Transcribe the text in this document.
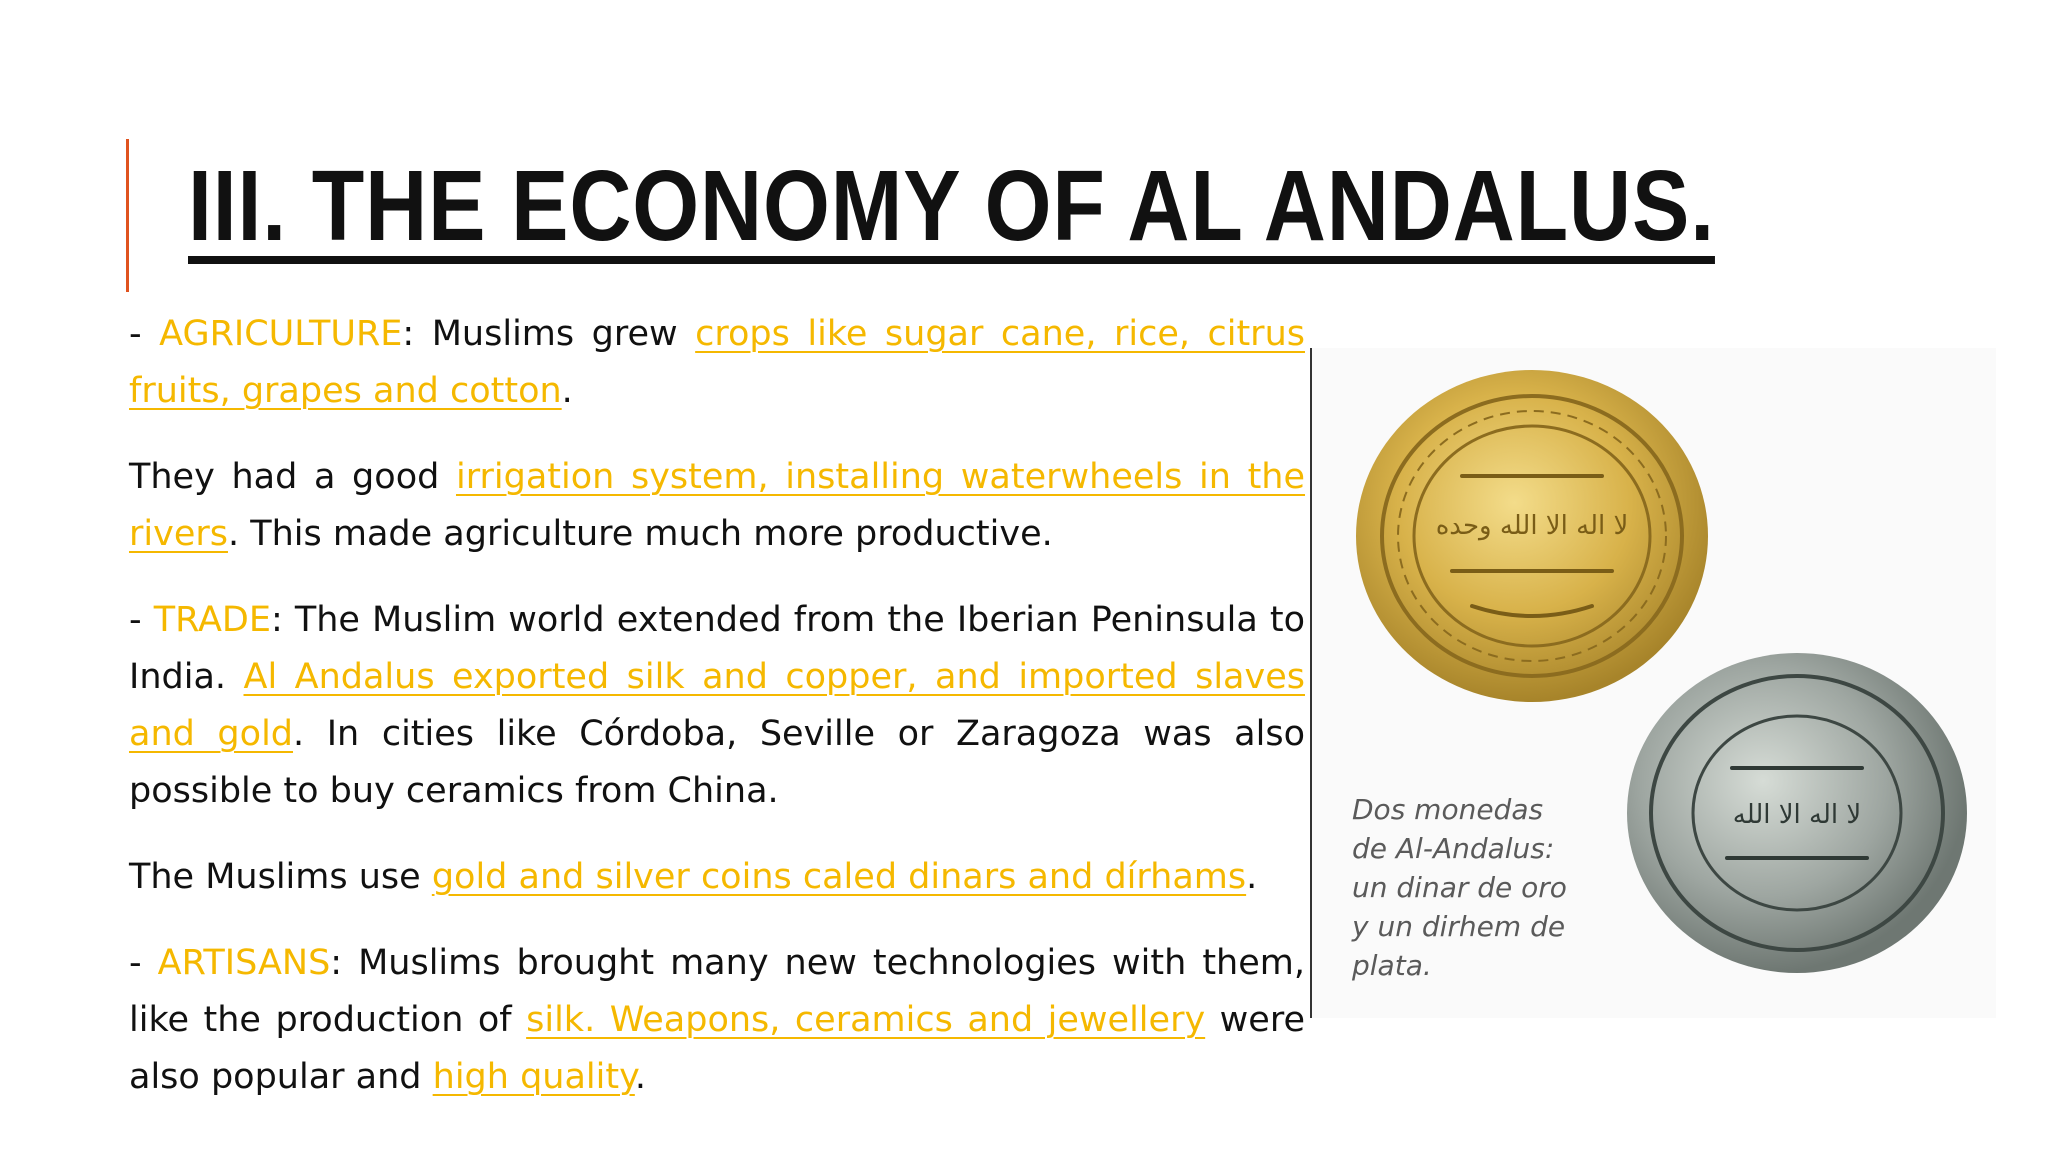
III. THE ECONOMY OF AL ANDALUS.

- AGRICULTURE: Muslims grew crops like sugar cane, rice, citrus fruits, grapes and cotton.

They had a good irrigation system, installing waterwheels in the rivers. This made agriculture much more productive.

- TRADE: The Muslim world extended from the Iberian Peninsula to India. Al Andalus exported silk and copper, and imported slaves and gold. In cities like Córdoba, Seville or Zaragoza was also possible to buy ceramics from China.

The Muslims use gold and silver coins caled dinars and dírhams.

- ARTISANS: Muslims brought many new technologies with them, like the production of silk. Weapons, ceramics and jewellery were also popular and high quality.

لا اله الا الله وحده
لا اله الا الله
Dos monedas
de Al-Andalus:
un dinar de oro
y un dirhem de
plata.
